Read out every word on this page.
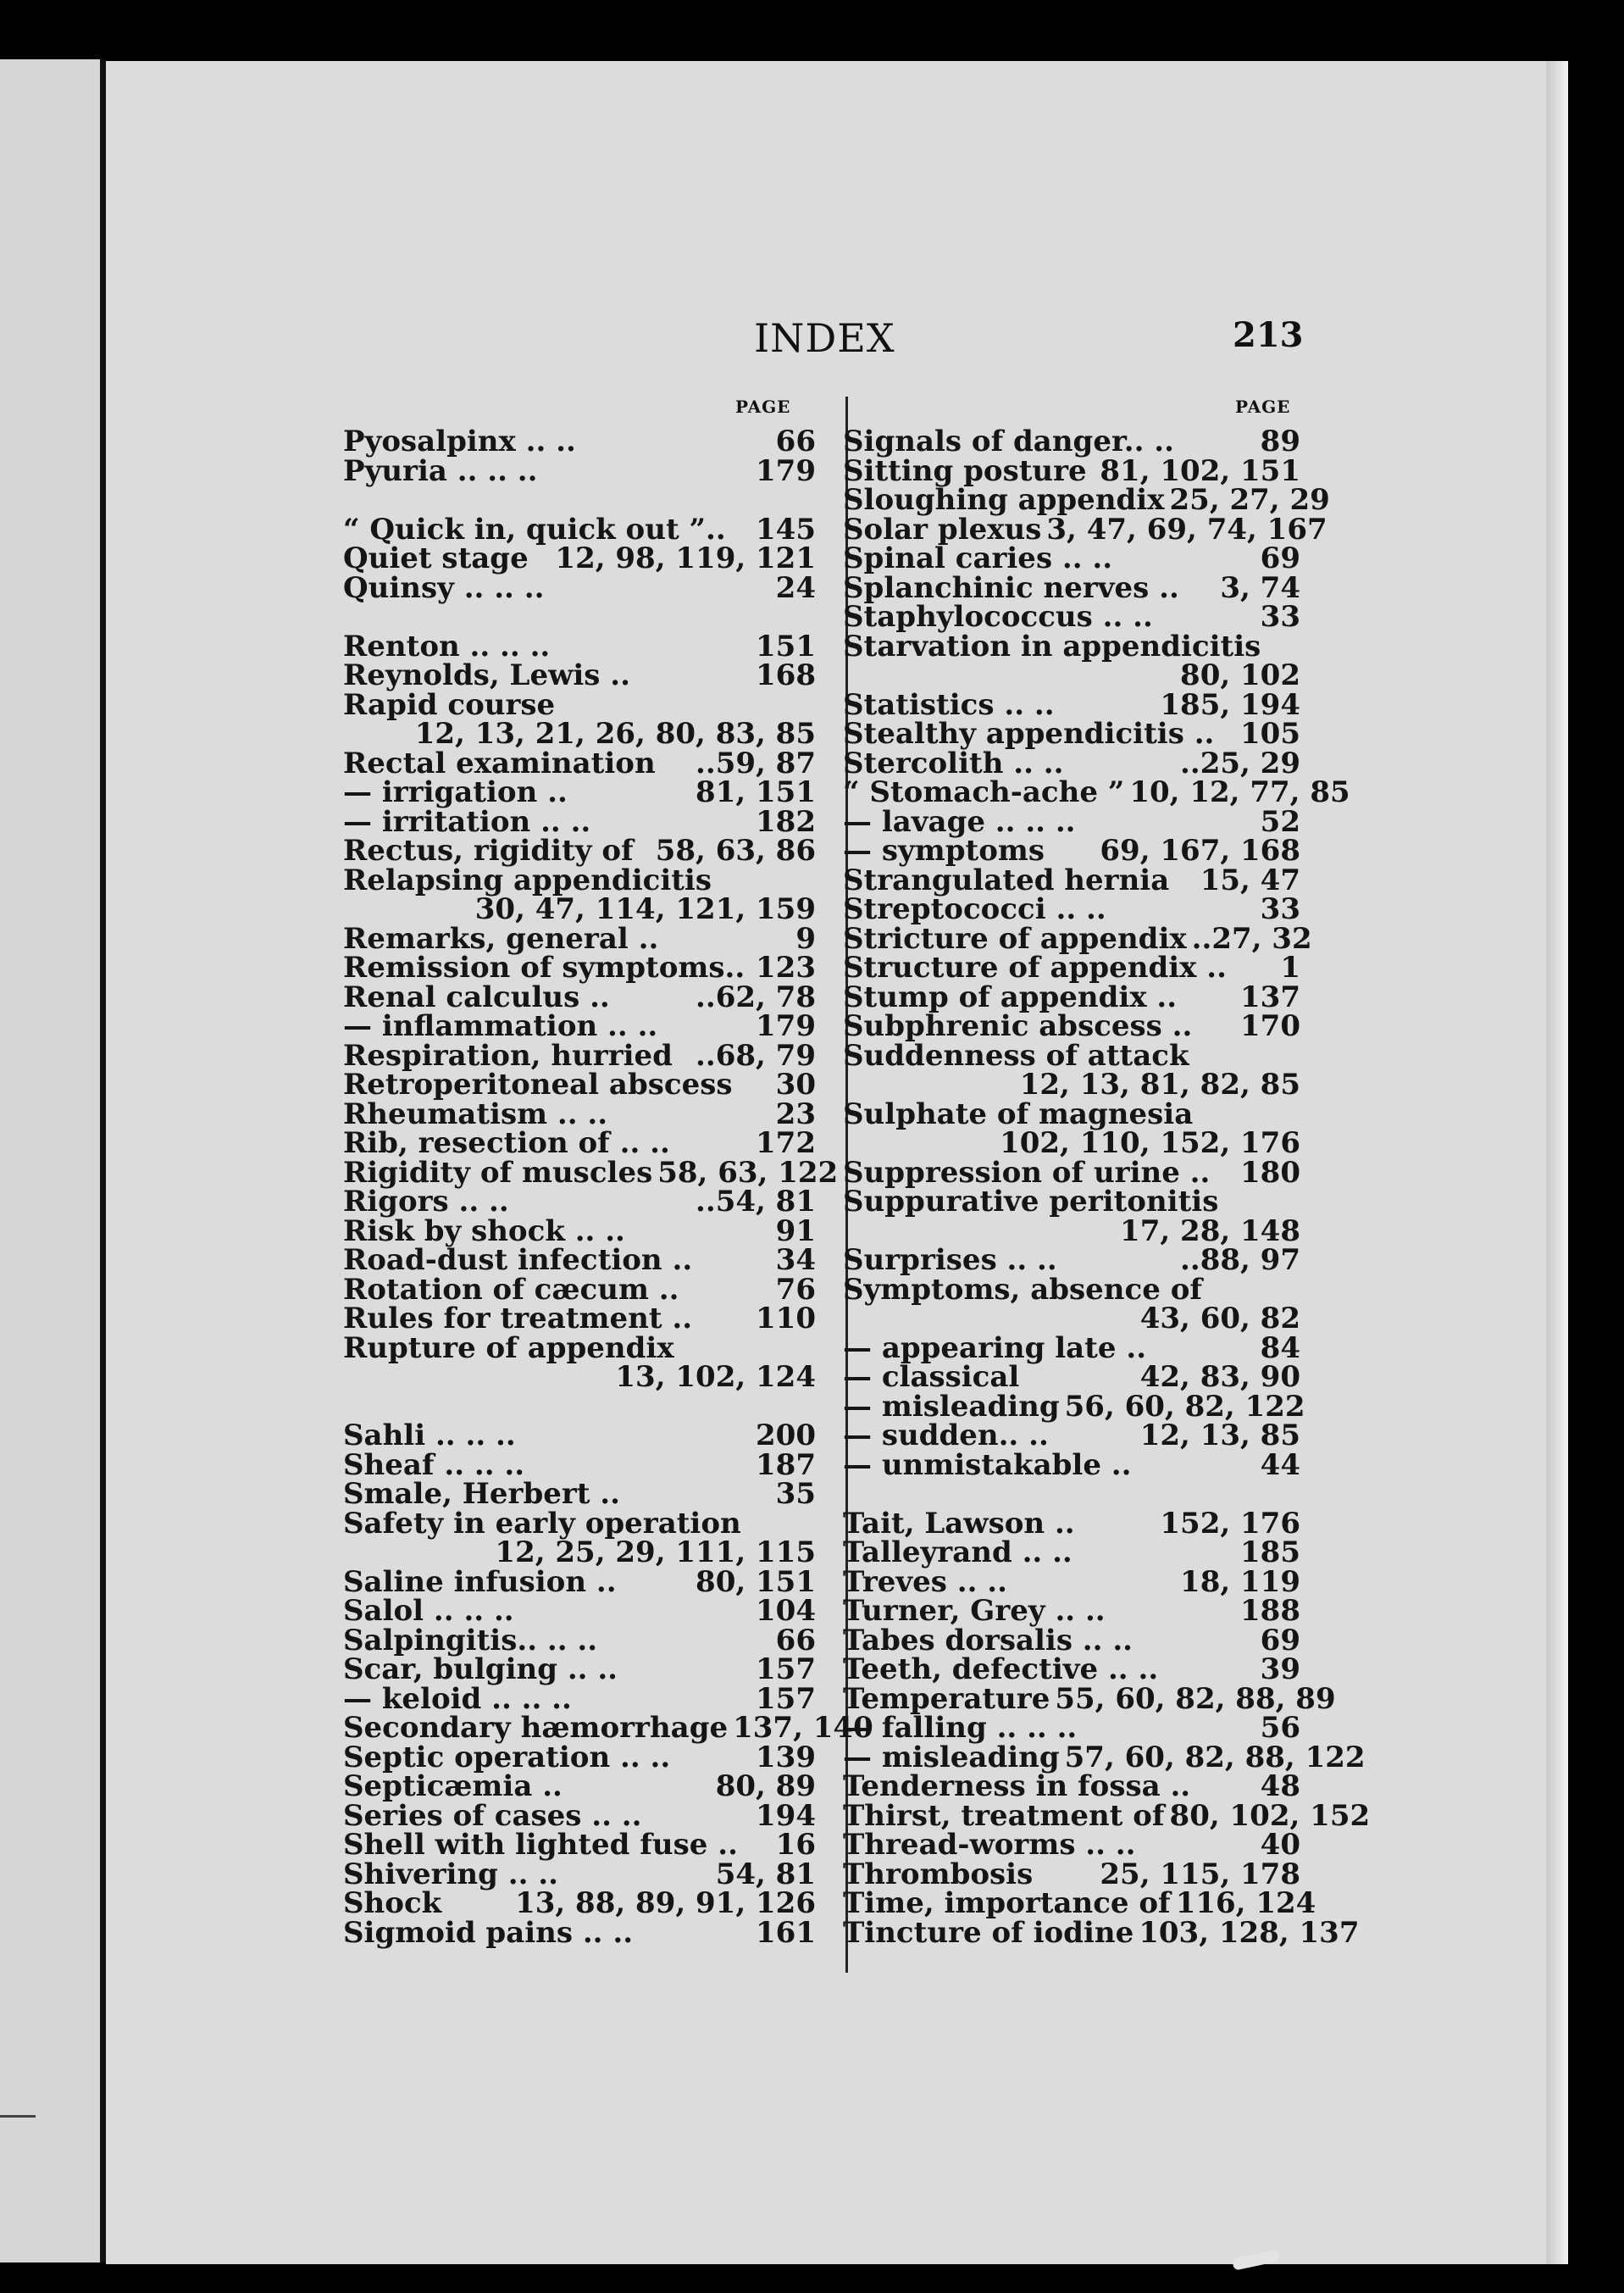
INDEX	213
PAGE	PAGE
Pyosalpinx .. ..	66
Pyuria .. .. ..	179
“ Quick in, quick out ”..	145
Quiet stage 12, 98, 119, 121
Quinsy .. .. ..	24
Renton .. .. ..	151
Reynolds, Lewis ..	168
Rapid course
12, 13, 21, 26, 80, 83, 85
Rectal examination	..59, 87
— irrigation ..	81, 151
— irritation .. ..	182
Rectus, rigidity of 58, 63, 86
Relapsing appendicitis
30, 47, 114, 121, 159
Remarks, general ..	9
Remission of symptoms.. 123
Renal calculus ..	..62, 78
— inflammation .. ..	179
Respiration, hurried ..68, 79
Retroperitoneal abscess	30
Rheumatism .. ..	23
Rib, resection of .. ..	172
Rigidity of muscles 58, 63, 122
Rigors .. ..	..54, 81
Risk by shock .. ..	91
Road-dust infection ..	34
Rotation of cæcum ..	76
Rules for treatment ..	110
Rupture of appendix
13, 102, 124
Sahli .. .. ..	200
Sheaf .. .. ..	187
Smale, Herbert ..	35
Safety in early operation
12, 25, 29, 111, 115
Saline infusion ..	80, 151
Salol .. .. ..	104
Salpingitis.. .. ..	66
Scar, bulging .. ..	157
— keloid .. .. ..	157
Secondary hæmorrhage 137, 140
Septic operation .. ..	139
Septicæmia ..	80, 89
Series of cases .. ..	194
Shell with lighted fuse ..	16
Shivering .. ..	54, 81
Shock	13, 88, 89, 91, 126
Sigmoid pains .. ..	161
Signals of danger.. ..	89
Sitting posture 81, 102, 151
Sloughing appendix 25, 27, 29
Solar plexus 3, 47, 69, 74, 167
Spinal caries .. ..	69
Splanchinic nerves ..	3, 74
Staphylococcus .. ..	33
Starvation in appendicitis
80, 102
Statistics .. ..	185, 194
Stealthy appendicitis .. 105
Stercolith .. ..	..25, 29
“ Stomach-ache ” 10, 12, 77, 85
— lavage .. .. ..	52
— symptoms	69, 167, 168
Strangulated hernia	15, 47
Streptococci .. ..	33
Stricture of appendix ..27, 32
Structure of appendix ..	1
Stump of appendix ..	137
Subphrenic abscess ..	170
Suddenness of attack
12, 13, 81, 82, 85
Sulphate of magnesia
102, 110, 152, 176
Suppression of urine ..	180
Suppurative peritonitis
17, 28, 148
Surprises .. ..	..88, 97
Symptoms, absence of
43, 60, 82
— appearing late ..	84
— classical	42, 83, 90
— misleading 56, 60, 82, 122
— sudden.. ..	12, 13, 85
— unmistakable ..	44
Tait, Lawson ..	152, 176
Talleyrand .. ..	185
Treves .. ..	18, 119
Turner, Grey .. ..	188
Tabes dorsalis .. ..	69
Teeth, defective .. ..	39
Temperature 55, 60, 82, 88, 89
— falling .. .. ..	56
— misleading 57, 60, 82, 88, 122
Tenderness in fossa ..	48
Thirst, treatment of 80, 102, 152
Thread-worms .. ..	40
Thrombosis	25, 115, 178
Time, importance of 116, 124
Tincture of iodine 103, 128, 137
